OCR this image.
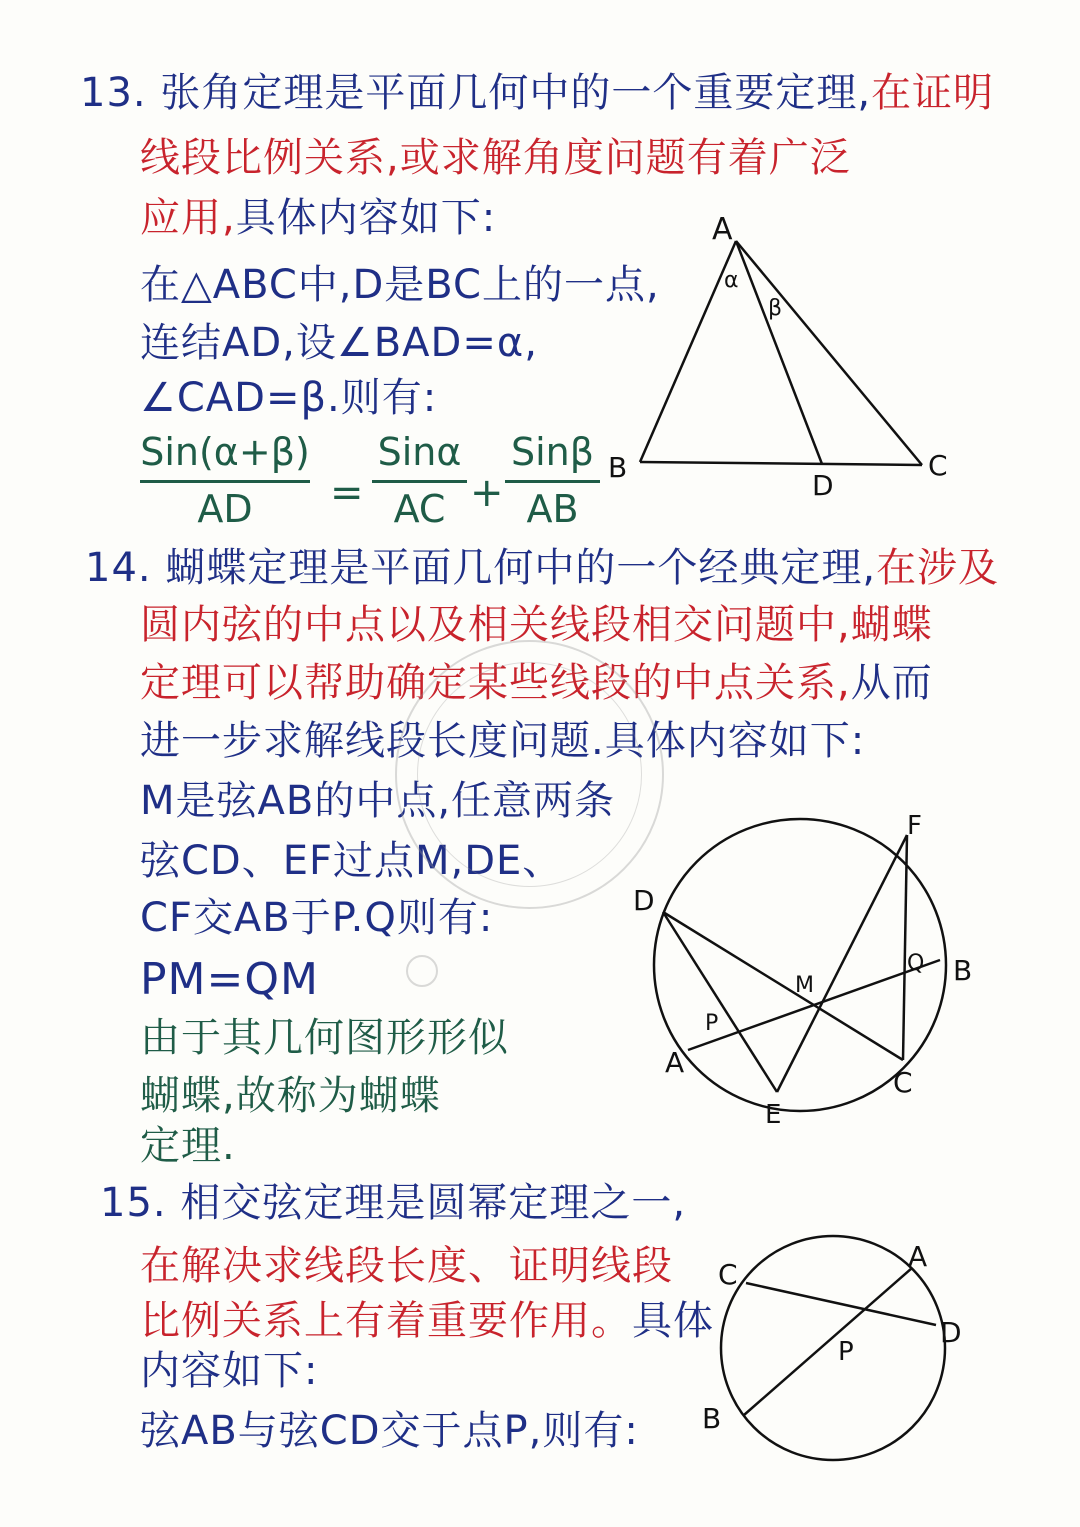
13. 张角定理是平面几何中的一个重要定理,在证明
线段比例关系,或求解角度问题有着广泛
应用,具体内容如下:
在△ABC中,D是BC上的一点,
连结AD,设∠BAD=α,
∠CAD=β.则有:
Sin(α+β)
AD	=
Sinα
AC +
Sinβ
AB
A
B	C
D
α
β
14. 蝴蝶定理是平面几何中的一个经典定理,在涉及
圆内弦的中点以及相关线段相交问题中,蝴蝶
定理可以帮助确定某些线段的中点关系,从而
进一步求解线段长度问题.具体内容如下:
M是弦AB的中点,任意两条
弦CD、EF过点M,DE、
CF交AB于P.Q则有:
PM=QM
由于其几何图形形似
蝴蝶,故称为蝴蝶
定理.
D
F
B
A
E
C
M
P
Q
15. 相交弦定理是圆幂定理之一,
在解决求线段长度、证明线段
比例关系上有着重要作用。具体
内容如下:
弦AB与弦CD交于点P,则有:
A
C
D
B
P
